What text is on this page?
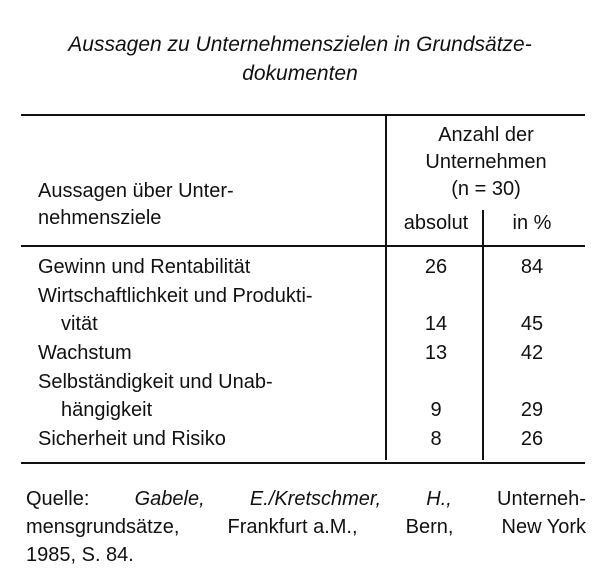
Aussagen zu Unternehmenszielen in Grundsätze-
dokumenten
Aussagen über Unter-
nehmensziele
Anzahl der
Unternehmen
(n = 30)
absolut	in %
Gewinn und Rentabilität	26	84
Wirtschaftlichkeit und Produkti-
vität	14	45
Wachstum	13	42
Selbständigkeit und Unab-
hängigkeit	9	29
Sicherheit und Risiko	8	26
Quelle: Gabele, E./Kretschmer, H., Unterneh-
mensgrundsätze, Frankfurt a.M., Bern, New York
1985, S. 84.
